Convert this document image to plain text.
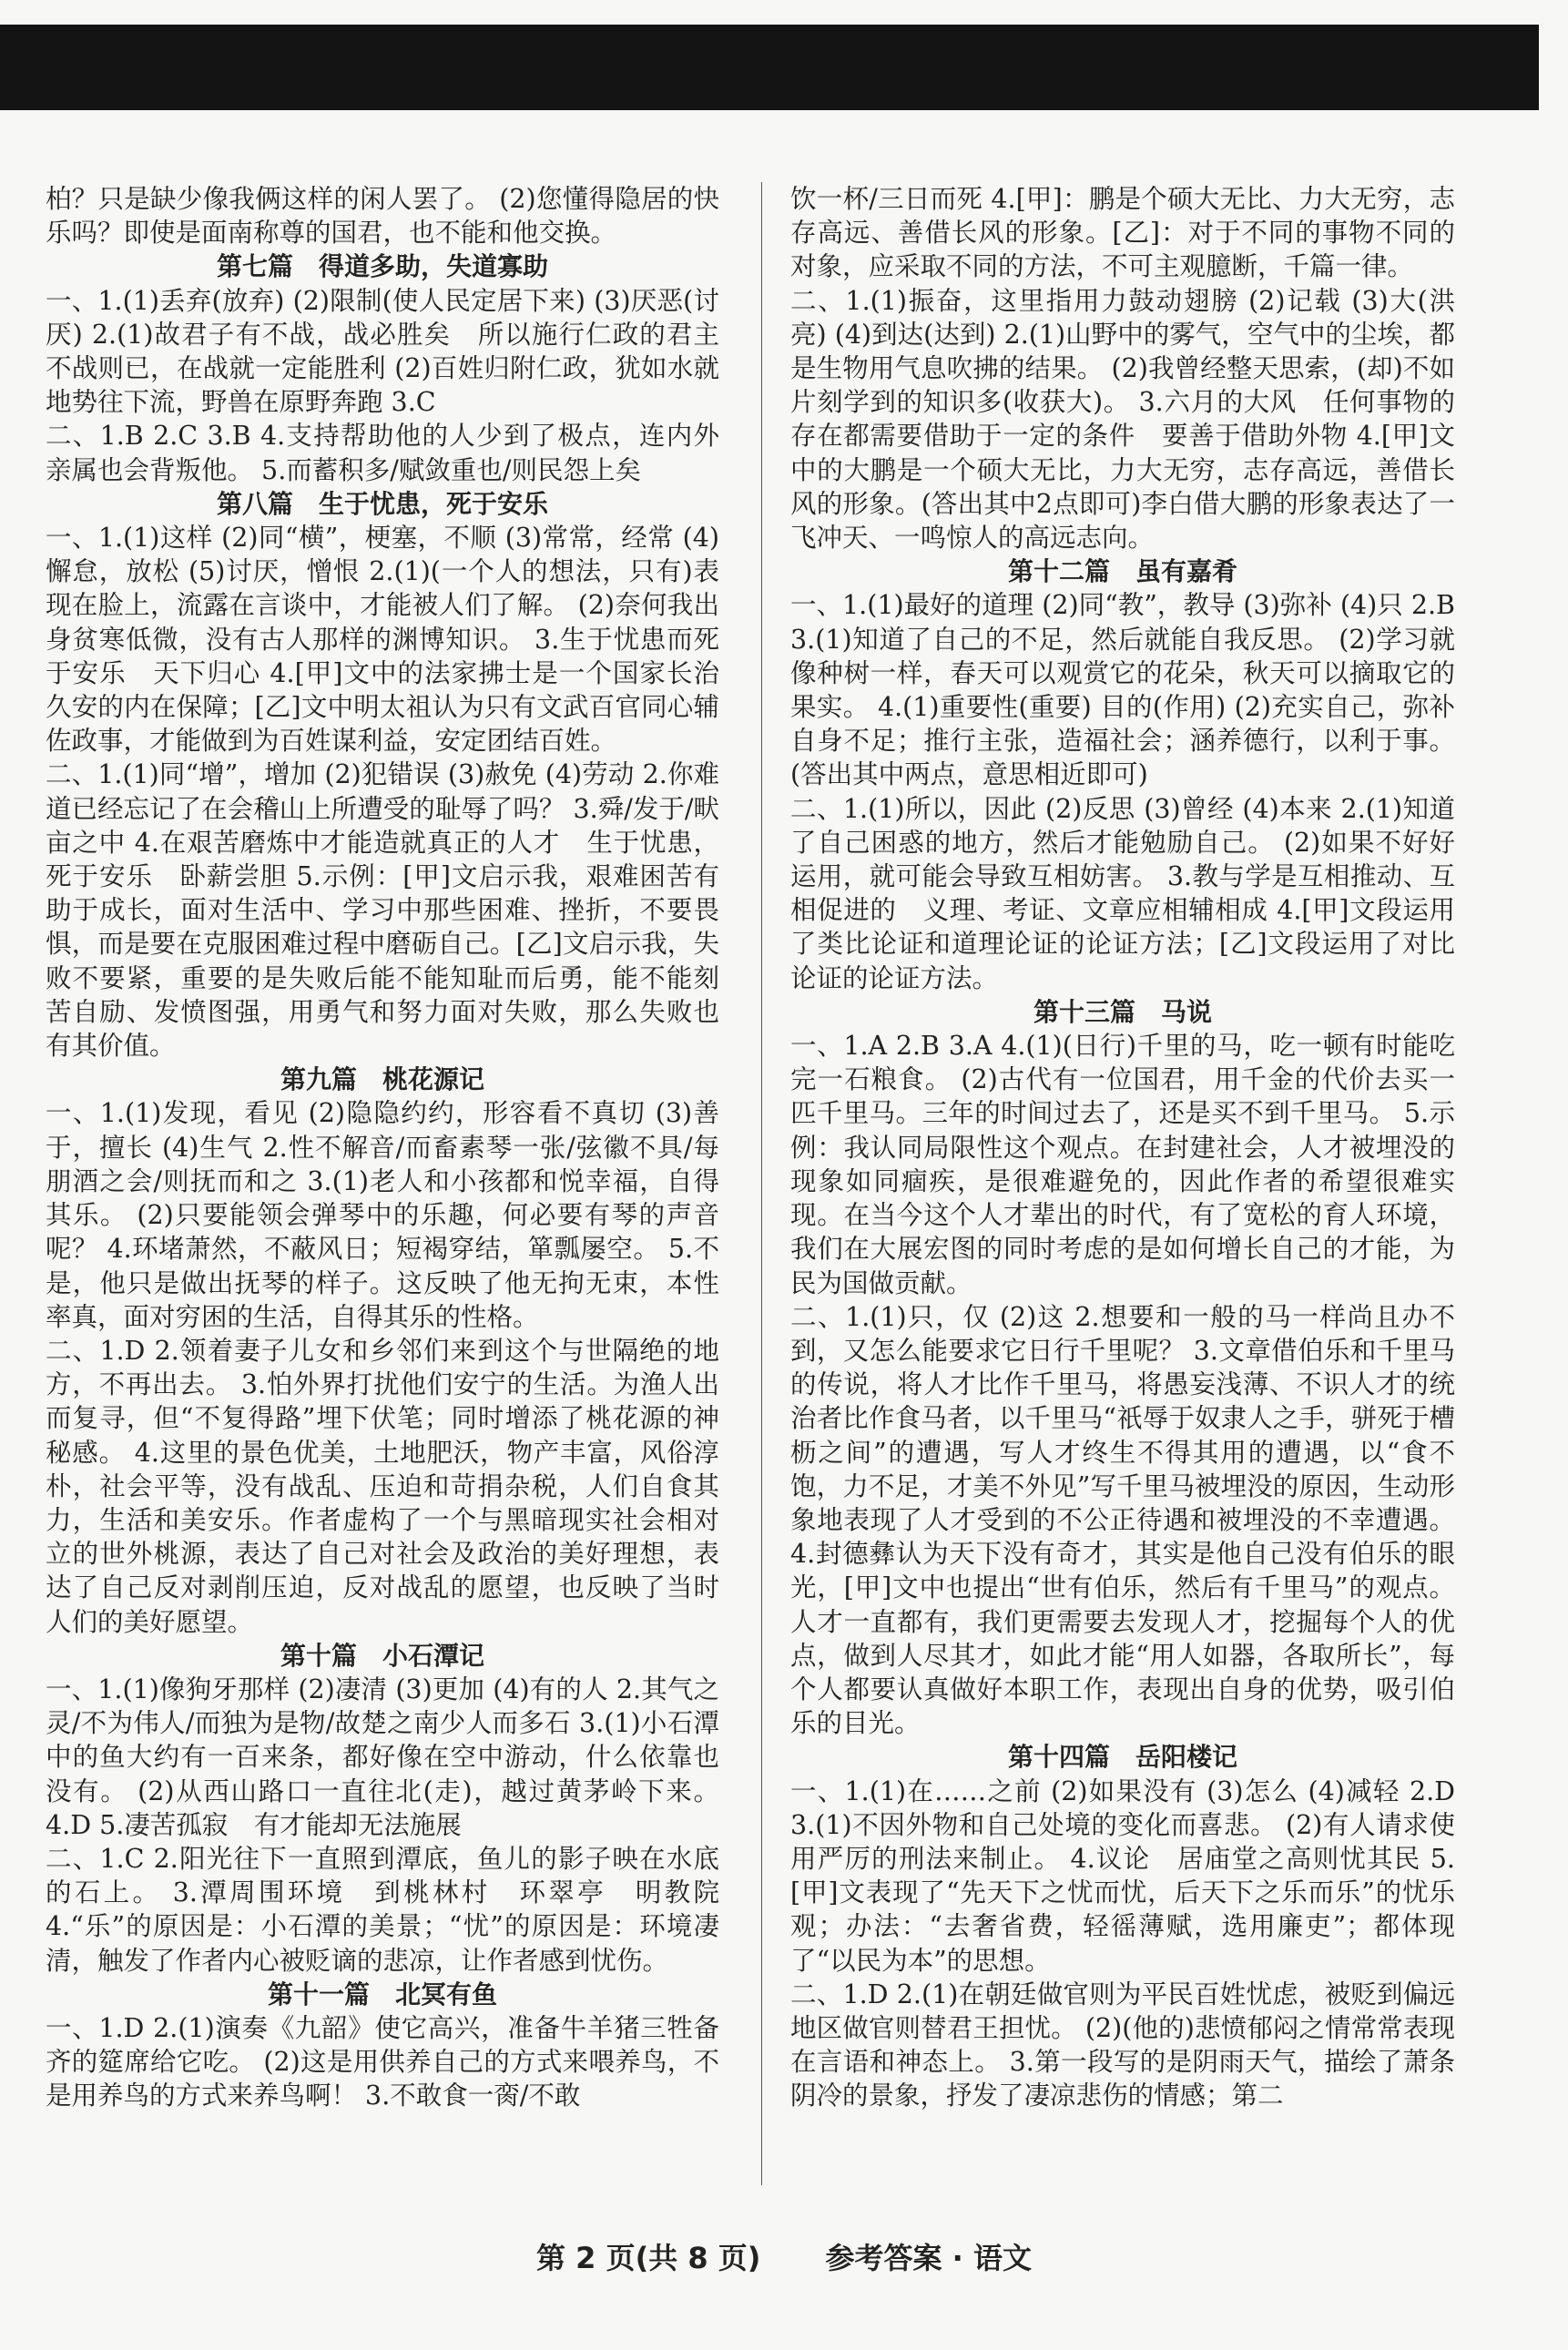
柏？只是缺少像我俩这样的闲人罢了。 (2)您懂得隐居的快乐吗？即使是面南称尊的国君，也不能和他交换。
第七篇　得道多助，失道寡助
一、1.(1)丢弃(放弃) (2)限制(使人民定居下来) (3)厌恶(讨厌) 2.(1)故君子有不战，战必胜矣　所以施行仁政的君主不战则已，在战就一定能胜利 (2)百姓归附仁政，犹如水就地势往下流，野兽在原野奔跑 3.C
二、1.B 2.C 3.B 4.支持帮助他的人少到了极点，连内外亲属也会背叛他。 5.而蓄积多/赋敛重也/则民怨上矣
第八篇　生于忧患，死于安乐
一、1.(1)这样 (2)同“横”，梗塞，不顺 (3)常常，经常 (4)懈怠，放松 (5)讨厌，憎恨 2.(1)(一个人的想法，只有)表现在脸上，流露在言谈中，才能被人们了解。 (2)奈何我出身贫寒低微，没有古人那样的渊博知识。 3.生于忧患而死于安乐　天下归心 4.[甲]文中的法家拂士是一个国家长治久安的内在保障；[乙]文中明太祖认为只有文武百官同心辅佐政事，才能做到为百姓谋利益，安定团结百姓。
二、1.(1)同“增”，增加 (2)犯错误 (3)赦免 (4)劳动 2.你难道已经忘记了在会稽山上所遭受的耻辱了吗？ 3.舜/发于/畎亩之中 4.在艰苦磨炼中才能造就真正的人才　生于忧患，死于安乐　卧薪尝胆 5.示例：[甲]文启示我，艰难困苦有助于成长，面对生活中、学习中那些困难、挫折，不要畏惧，而是要在克服困难过程中磨砺自己。[乙]文启示我，失败不要紧，重要的是失败后能不能知耻而后勇，能不能刻苦自励、发愤图强，用勇气和努力面对失败，那么失败也有其价值。
第九篇　桃花源记
一、1.(1)发现，看见 (2)隐隐约约，形容看不真切 (3)善于，擅长 (4)生气 2.性不解音/而畜素琴一张/弦徽不具/每朋酒之会/则抚而和之 3.(1)老人和小孩都和悦幸福，自得其乐。 (2)只要能领会弹琴中的乐趣，何必要有琴的声音呢？ 4.环堵萧然，不蔽风日；短褐穿结，箪瓢屡空。 5.不是，他只是做出抚琴的样子。这反映了他无拘无束，本性率真，面对穷困的生活，自得其乐的性格。
二、1.D 2.领着妻子儿女和乡邻们来到这个与世隔绝的地方，不再出去。 3.怕外界打扰他们安宁的生活。为渔人出而复寻，但“不复得路”埋下伏笔；同时增添了桃花源的神秘感。 4.这里的景色优美，土地肥沃，物产丰富，风俗淳朴，社会平等，没有战乱、压迫和苛捐杂税，人们自食其力，生活和美安乐。作者虚构了一个与黑暗现实社会相对立的世外桃源，表达了自己对社会及政治的美好理想，表达了自己反对剥削压迫，反对战乱的愿望，也反映了当时人们的美好愿望。
第十篇　小石潭记
一、1.(1)像狗牙那样 (2)凄清 (3)更加 (4)有的人 2.其气之灵/不为伟人/而独为是物/故楚之南少人而多石 3.(1)小石潭中的鱼大约有一百来条，都好像在空中游动，什么依靠也没有。 (2)从西山路口一直往北(走)，越过黄茅岭下来。 4.D 5.凄苦孤寂　有才能却无法施展
二、1.C 2.阳光往下一直照到潭底，鱼儿的影子映在水底的石上。 3.潭周围环境　到桃林村　环翠亭　明教院 4.“乐”的原因是：小石潭的美景；“忧”的原因是：环境凄清，触发了作者内心被贬谪的悲凉，让作者感到忧伤。
第十一篇　北冥有鱼
一、1.D 2.(1)演奏《九韶》使它高兴，准备牛羊猪三牲备齐的筵席给它吃。 (2)这是用供养自己的方式来喂养鸟，不是用养鸟的方式来养鸟啊！ 3.不敢食一脔/不敢
饮一杯/三日而死 4.[甲]：鹏是个硕大无比、力大无穷，志存高远、善借长风的形象。[乙]：对于不同的事物不同的对象，应采取不同的方法，不可主观臆断，千篇一律。
二、1.(1)振奋，这里指用力鼓动翅膀 (2)记载 (3)大(洪亮) (4)到达(达到) 2.(1)山野中的雾气，空气中的尘埃，都是生物用气息吹拂的结果。 (2)我曾经整天思索，(却)不如片刻学到的知识多(收获大)。 3.六月的大风　任何事物的存在都需要借助于一定的条件　要善于借助外物 4.[甲]文中的大鹏是一个硕大无比，力大无穷，志存高远，善借长风的形象。(答出其中2点即可)李白借大鹏的形象表达了一飞冲天、一鸣惊人的高远志向。
第十二篇　虽有嘉肴
一、1.(1)最好的道理 (2)同“教”，教导 (3)弥补 (4)只 2.B 3.(1)知道了自己的不足，然后就能自我反思。 (2)学习就像种树一样，春天可以观赏它的花朵，秋天可以摘取它的果实。 4.(1)重要性(重要) 目的(作用) (2)充实自己，弥补自身不足；推行主张，造福社会；涵养德行，以利于事。(答出其中两点，意思相近即可)
二、1.(1)所以，因此 (2)反思 (3)曾经 (4)本来 2.(1)知道了自己困惑的地方，然后才能勉励自己。 (2)如果不好好运用，就可能会导致互相妨害。 3.教与学是互相推动、互相促进的　义理、考证、文章应相辅相成 4.[甲]文段运用了类比论证和道理论证的论证方法；[乙]文段运用了对比论证的论证方法。
第十三篇　马说
一、1.A 2.B 3.A 4.(1)(日行)千里的马，吃一顿有时能吃完一石粮食。 (2)古代有一位国君，用千金的代价去买一匹千里马。三年的时间过去了，还是买不到千里马。 5.示例：我认同局限性这个观点。在封建社会，人才被埋没的现象如同痼疾，是很难避免的，因此作者的希望很难实现。在当今这个人才辈出的时代，有了宽松的育人环境，我们在大展宏图的同时考虑的是如何增长自己的才能，为民为国做贡献。
二、1.(1)只，仅 (2)这 2.想要和一般的马一样尚且办不到，又怎么能要求它日行千里呢？ 3.文章借伯乐和千里马的传说，将人才比作千里马，将愚妄浅薄、不识人才的统治者比作食马者，以千里马“祇辱于奴隶人之手，骈死于槽枥之间”的遭遇，写人才终生不得其用的遭遇，以“食不饱，力不足，才美不外见”写千里马被埋没的原因，生动形象地表现了人才受到的不公正待遇和被埋没的不幸遭遇。 4.封德彝认为天下没有奇才，其实是他自己没有伯乐的眼光，[甲]文中也提出“世有伯乐，然后有千里马”的观点。人才一直都有，我们更需要去发现人才，挖掘每个人的优点，做到人尽其才，如此才能“用人如器，各取所长”，每个人都要认真做好本职工作，表现出自身的优势，吸引伯乐的目光。
第十四篇　岳阳楼记
一、1.(1)在……之前 (2)如果没有 (3)怎么 (4)减轻 2.D 3.(1)不因外物和自己处境的变化而喜悲。 (2)有人请求使用严厉的刑法来制止。 4.议论　居庙堂之高则忧其民 5.[甲]文表现了“先天下之忧而忧，后天下之乐而乐”的忧乐观；办法：“去奢省费，轻徭薄赋，选用廉吏”；都体现了“以民为本”的思想。
二、1.D 2.(1)在朝廷做官则为平民百姓忧虑，被贬到偏远地区做官则替君王担忧。 (2)(他的)悲愤郁闷之情常常表现在言语和神态上。 3.第一段写的是阴雨天气，描绘了萧条阴冷的景象，抒发了凄凉悲伤的情感；第二
第 2 页(共 8 页) 参考答案 · 语文
